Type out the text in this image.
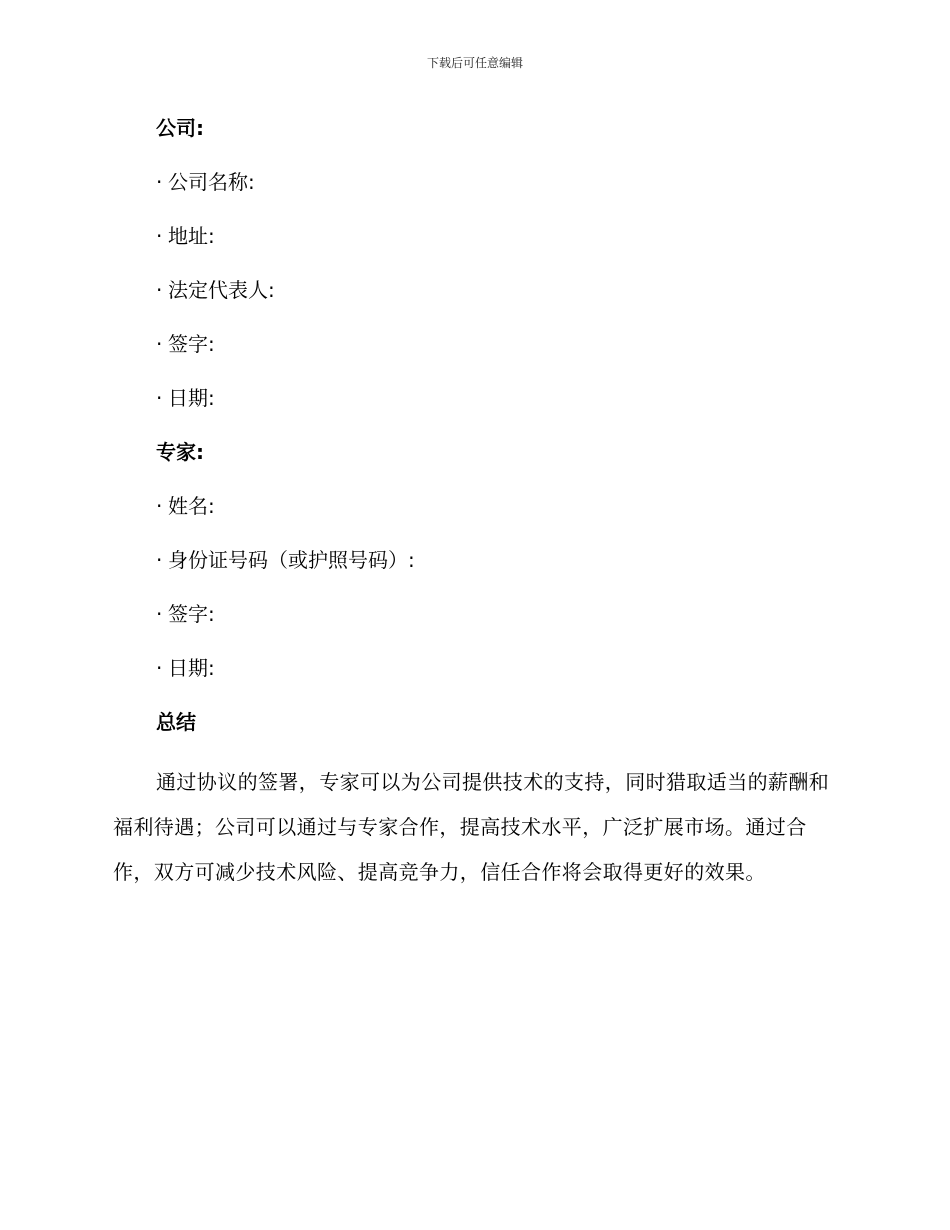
下载后可任意编辑
公司:
· 公司名称:
· 地址:
· 法定代表人:
· 签字:
· 日期:
专家:
· 姓名:
· 身份证号码（或护照号码）:
· 签字:
· 日期:
总结

通过协议的签署，专家可以为公司提供技术的支持，同时猎取适当的薪酬和福利待遇；公司可以通过与专家合作，提高技术水平，广泛扩展市场。通过合作，双方可减少技术风险、提高竞争力，信任合作将会取得更好的效果。
